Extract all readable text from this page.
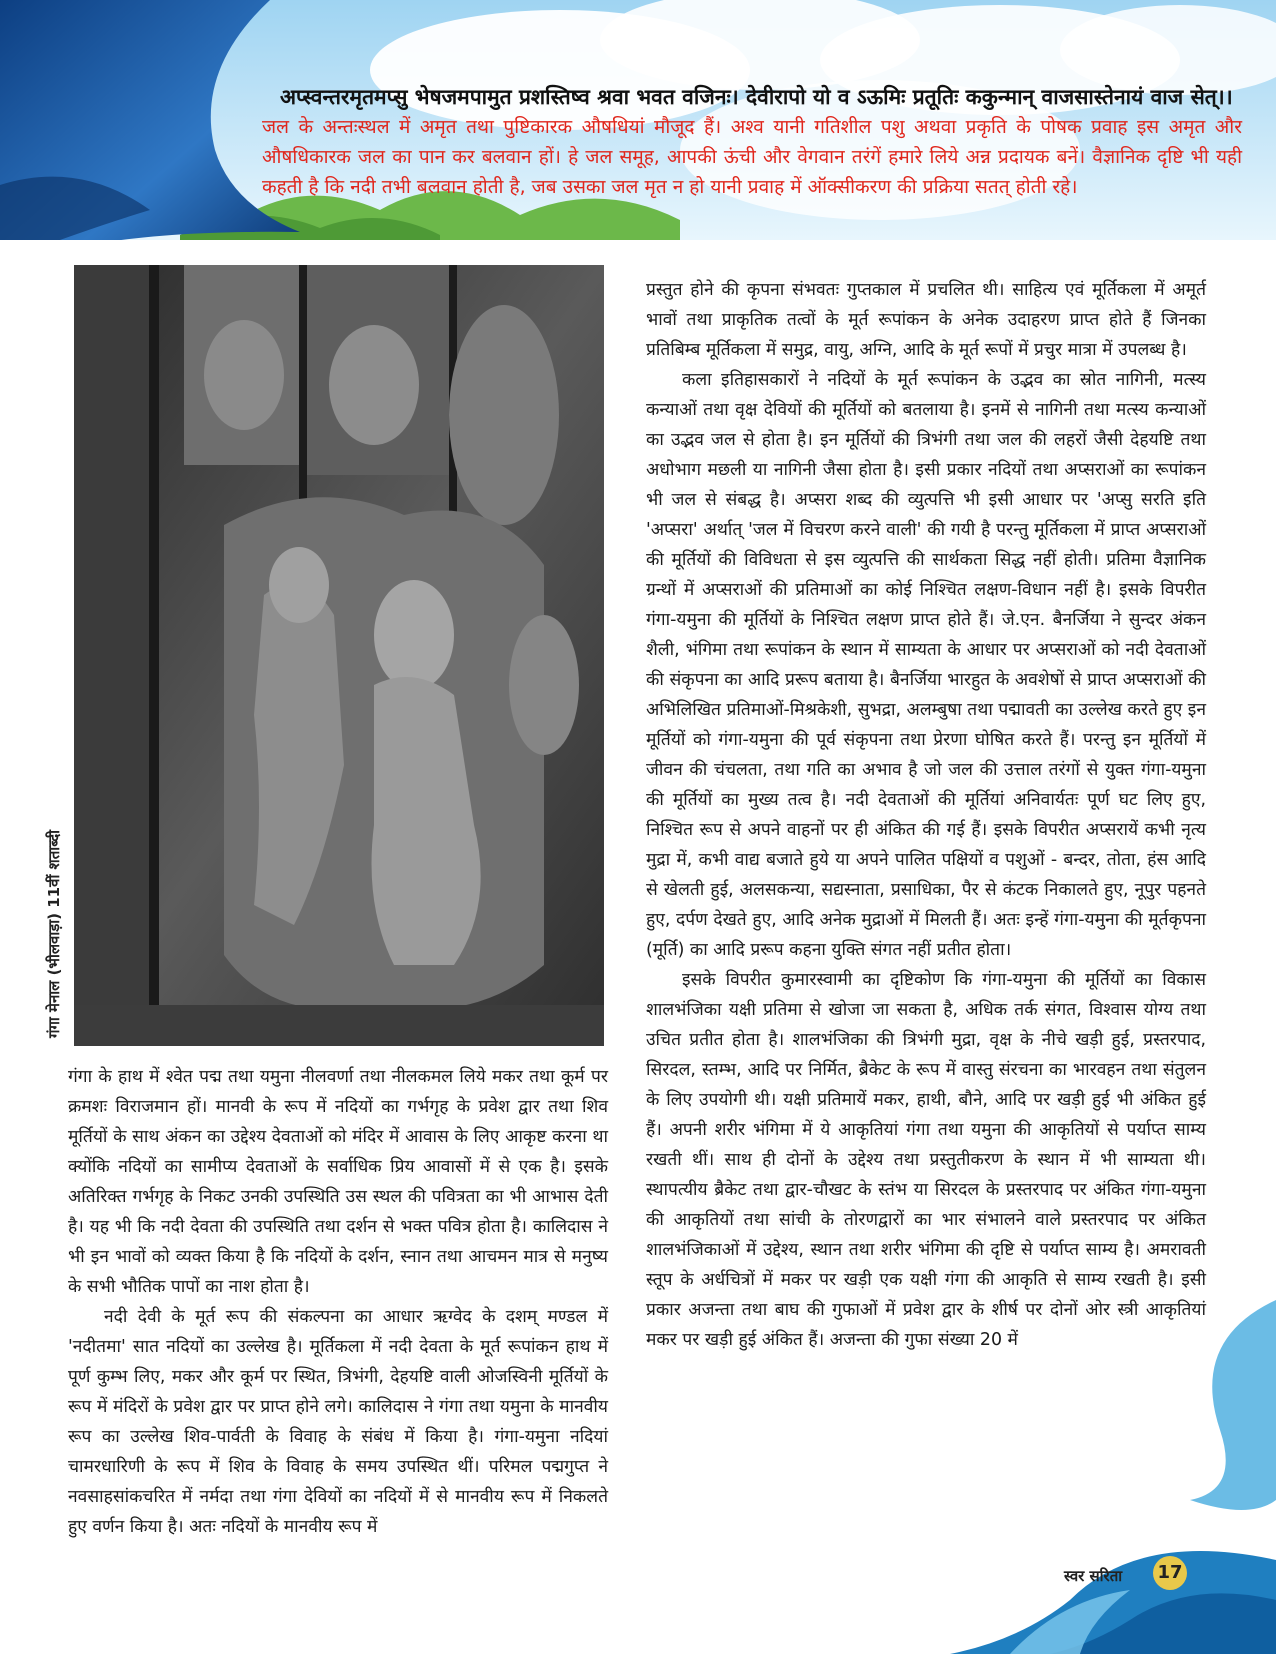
अप्स्वन्तरमृतमप्सु भेषजमपामुत प्रशस्तिष्व श्रवा भवत वजिनः। देवीरापो यो व ऽऊमिः प्रतूतिः ककुन्मान् वाजसास्तेनायं वाज सेत्।।

जल के अन्तःस्थल में अमृत तथा पुष्टिकारक औषधियां मौजूद हैं। अश्व यानी गतिशील पशु अथवा प्रकृति के पोषक प्रवाह इस अमृत और औषधिकारक जल का पान कर बलवान हों। हे जल समूह, आपकी ऊंची और वेगवान तरंगें हमारे लिये अन्न प्रदायक बनें। वैज्ञानिक दृष्टि भी यही कहती है कि नदी तभी बलवान होती है, जब उसका जल मृत न हो यानी प्रवाह में ऑक्सीकरण की प्रक्रिया सतत् होती रहे।

गंगा मेनाल (भीलवाड़ा) 11वीं शताब्दी

गंगा के हाथ में श्वेत पद्म तथा यमुना नीलवर्णा तथा नीलकमल लिये मकर तथा कूर्म पर क्रमशः विराजमान हों। मानवी के रूप में नदियों का गर्भगृह के प्रवेश द्वार तथा शिव मूर्तियों के साथ अंकन का उद्देश्य देवताओं को मंदिर में आवास के लिए आकृष्ट करना था क्योंकि नदियों का सामीप्य देवताओं के सर्वाधिक प्रिय आवासों में से एक है। इसके अतिरिक्त गर्भगृह के निकट उनकी उपस्थिति उस स्थल की पवित्रता का भी आभास देती है। यह भी कि नदी देवता की उपस्थिति तथा दर्शन से भक्त पवित्र होता है। कालिदास ने भी इन भावों को व्यक्त किया है कि नदियों के दर्शन, स्नान तथा आचमन मात्र से मनुष्य के सभी भौतिक पापों का नाश होता है।

नदी देवी के मूर्त रूप की संकल्पना का आधार ऋग्वेद के दशम् मण्डल में 'नदीतमा' सात नदियों का उल्लेख है। मूर्तिकला में नदी देवता के मूर्त रूपांकन हाथ में पूर्ण कुम्भ लिए, मकर और कूर्म पर स्थित, त्रिभंगी, देहयष्टि वाली ओजस्विनी मूर्तियों के रूप में मंदिरों के प्रवेश द्वार पर प्राप्त होने लगे। कालिदास ने गंगा तथा यमुना के मानवीय रूप का उल्लेख शिव-पार्वती के विवाह के संबंध में किया है। गंगा-यमुना नदियां चामरधारिणी के रूप में शिव के विवाह के समय उपस्थित थीं। परिमल पद्मगुप्त ने नवसाहसांकचरित में नर्मदा तथा गंगा देवियों का नदियों में से मानवीय रूप में निकलते हुए वर्णन किया है। अतः नदियों के मानवीय रूप में

प्रस्तुत होने की कृपना संभवतः गुप्तकाल में प्रचलित थी। साहित्य एवं मूर्तिकला में अमूर्त भावों तथा प्राकृतिक तत्वों के मूर्त रूपांकन के अनेक उदाहरण प्राप्त होते हैं जिनका प्रतिबिम्ब मूर्तिकला में समुद्र, वायु, अग्नि, आदि के मूर्त रूपों में प्रचुर मात्रा में उपलब्ध है।

कला इतिहासकारों ने नदियों के मूर्त रूपांकन के उद्भव का स्रोत नागिनी, मत्स्य कन्याओं तथा वृक्ष देवियों की मूर्तियों को बतलाया है। इनमें से नागिनी तथा मत्स्य कन्याओं का उद्भव जल से होता है। इन मूर्तियों की त्रिभंगी तथा जल की लहरों जैसी देहयष्टि तथा अधोभाग मछली या नागिनी जैसा होता है। इसी प्रकार नदियों तथा अप्सराओं का रूपांकन भी जल से संबद्ध है। अप्सरा शब्द की व्युत्पत्ति भी इसी आधार पर 'अप्सु सरति इति 'अप्सरा' अर्थात् 'जल में विचरण करने वाली' की गयी है परन्तु मूर्तिकला में प्राप्त अप्सराओं की मूर्तियों की विविधता से इस व्युत्पत्ति की सार्थकता सिद्ध नहीं होती। प्रतिमा वैज्ञानिक ग्रन्थों में अप्सराओं की प्रतिमाओं का कोई निश्चित लक्षण-विधान नहीं है। इसके विपरीत गंगा-यमुना की मूर्तियों के निश्चित लक्षण प्राप्त होते हैं। जे.एन. बैनर्जिया ने सुन्दर अंकन शैली, भंगिमा तथा रूपांकन के स्थान में साम्यता के आधार पर अप्सराओं को नदी देवताओं की संकृपना का आदि प्ररूप बताया है। बैनर्जिया भारहुत के अवशेषों से प्राप्त अप्सराओं की अभिलिखित प्रतिमाओं-मिश्रकेशी, सुभद्रा, अलम्बुषा तथा पद्मावती का उल्लेख करते हुए इन मूर्तियों को गंगा-यमुना की पूर्व संकृपना तथा प्रेरणा घोषित करते हैं। परन्तु इन मूर्तियों में जीवन की चंचलता, तथा गति का अभाव है जो जल की उत्ताल तरंगों से युक्त गंगा-यमुना की मूर्तियों का मुख्य तत्व है। नदी देवताओं की मूर्तियां अनिवार्यतः पूर्ण घट लिए हुए, निश्चित रूप से अपने वाहनों पर ही अंकित की गई हैं। इसके विपरीत अप्सरायें कभी नृत्य मुद्रा में, कभी वाद्य बजाते हुये या अपने पालित पक्षियों व पशुओं - बन्दर, तोता, हंस आदि से खेलती हुई, अलसकन्या, सद्यस्नाता, प्रसाधिका, पैर से कंटक निकालते हुए, नूपुर पहनते हुए, दर्पण देखते हुए, आदि अनेक मुद्राओं में मिलती हैं। अतः इन्हें गंगा-यमुना की मूर्तकृपना (मूर्ति) का आदि प्ररूप कहना युक्ति संगत नहीं प्रतीत होता।

इसके विपरीत कुमारस्वामी का दृष्टिकोण कि गंगा-यमुना की मूर्तियों का विकास शालभंजिका यक्षी प्रतिमा से खोजा जा सकता है, अधिक तर्क संगत, विश्वास योग्य तथा उचित प्रतीत होता है। शालभंजिका की त्रिभंगी मुद्रा, वृक्ष के नीचे खड़ी हुई, प्रस्तरपाद, सिरदल, स्तम्भ, आदि पर निर्मित, ब्रैकेट के रूप में वास्तु संरचना का भारवहन तथा संतुलन के लिए उपयोगी थी। यक्षी प्रतिमायें मकर, हाथी, बौने, आदि पर खड़ी हुई भी अंकित हुई हैं। अपनी शरीर भंगिमा में ये आकृतियां गंगा तथा यमुना की आकृतियों से पर्याप्त साम्य रखती थीं। साथ ही दोनों के उद्देश्य तथा प्रस्तुतीकरण के स्थान में भी साम्यता थी। स्थापत्यीय ब्रैकेट तथा द्वार-चौखट के स्तंभ या सिरदल के प्रस्तरपाद पर अंकित गंगा-यमुना की आकृतियों तथा सांची के तोरणद्वारों का भार संभालने वाले प्रस्तरपाद पर अंकित शालभंजिकाओं में उद्देश्य, स्थान तथा शरीर भंगिमा की दृष्टि से पर्याप्त साम्य है। अमरावती स्तूप के अर्धचित्रों में मकर पर खड़ी एक यक्षी गंगा की आकृति से साम्य रखती है। इसी प्रकार अजन्ता तथा बाघ की गुफाओं में प्रवेश द्वार के शीर्ष पर दोनों ओर स्त्री आकृतियां मकर पर खड़ी हुई अंकित हैं। अजन्ता की गुफा संख्या 20 में

स्वर सरिता 17
